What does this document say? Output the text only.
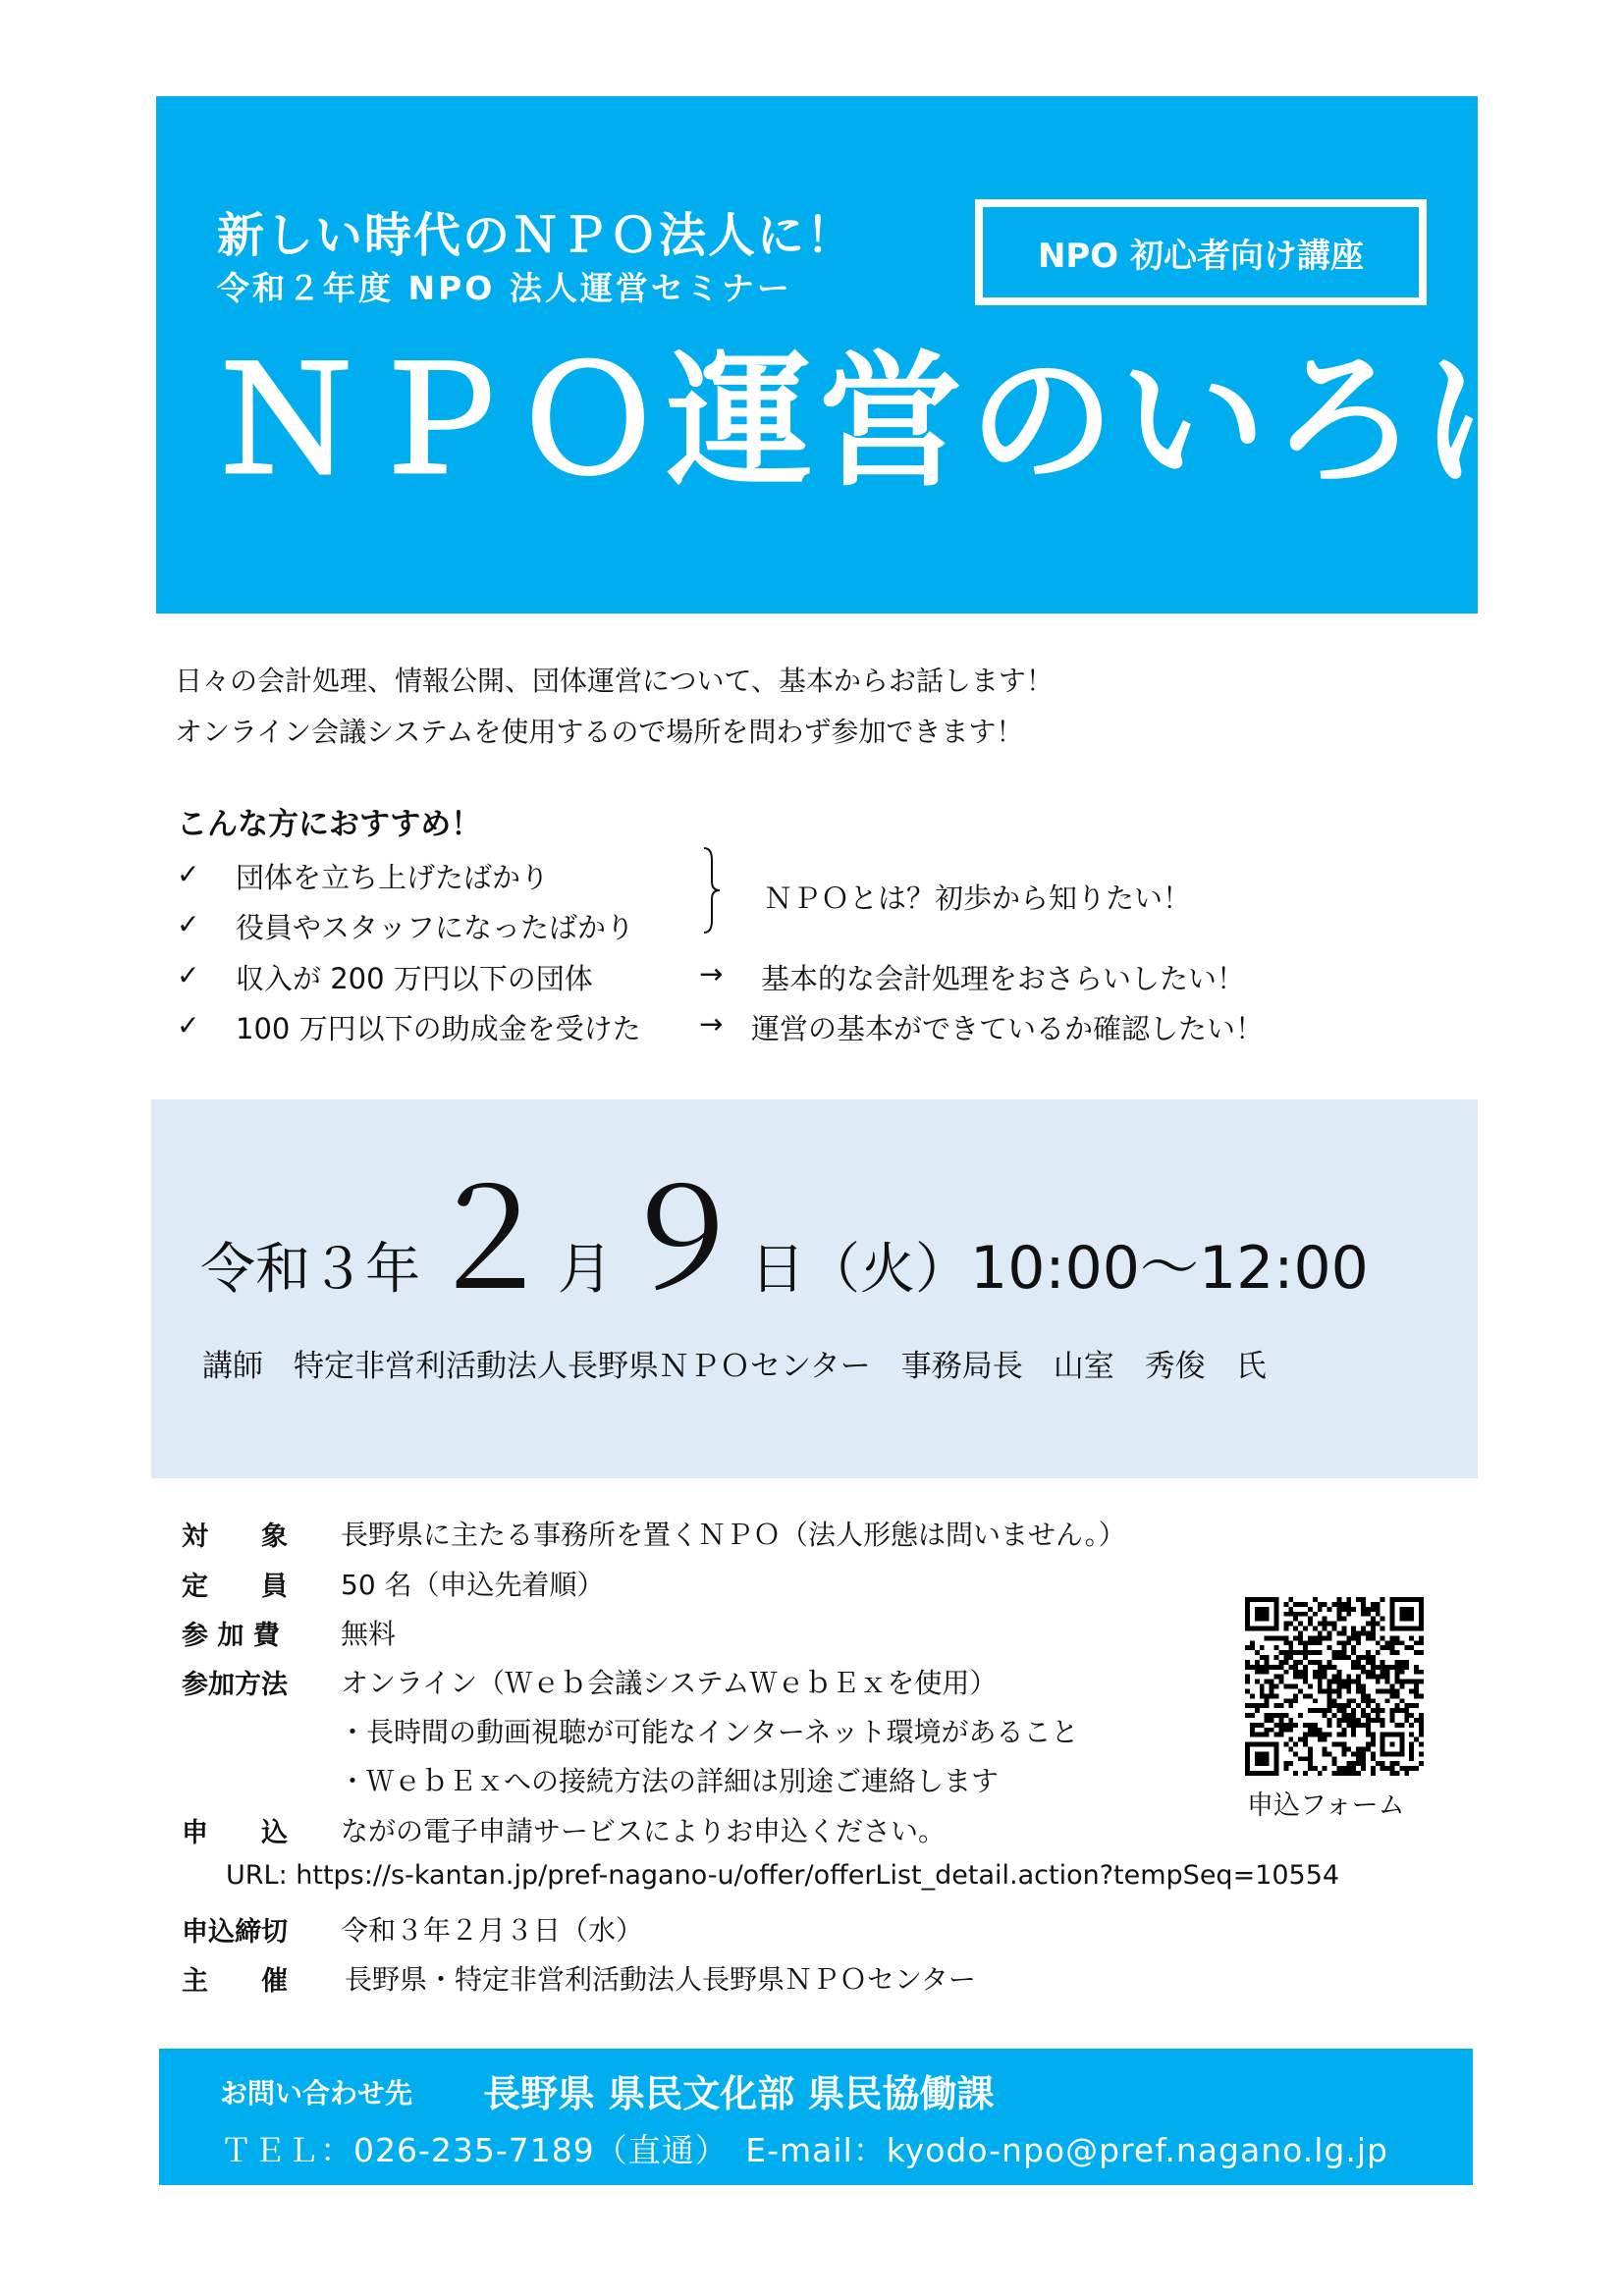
新しい時代のＮＰＯ法人に！
令和２年度 NPO 法人運営セミナー
NPO 初心者向け講座
ＮＰＯ運営のいろは
日々の会計処理、情報公開、団体運営について、基本からお話します！
オンライン会議システムを使用するので場所を問わず参加できます！
こんな方におすすめ！
✓ 団体を立ち上げたばかり
✓ 役員やスタッフになったばかり
ＮＰＯとは？初歩から知りたい！
✓ 収入が 200 万円以下の団体	→ 基本的な会計処理をおさらいしたい！
✓ 100 万円以下の助成金を受けた → 運営の基本ができているか確認したい！
令和３年２月９日（火）10:00～12:00
講師　特定非営利活動法人長野県ＮＰＯセンター　事務局長　山室　秀俊　氏
対　　象 長野県に主たる事務所を置くＮＰＯ（法人形態は問いません。）
定　　員 50 名（申込先着順）
参 加 費 無料
参加方法 オンライン（Ｗｅｂ会議システムＷｅｂＥｘを使用）
・長時間の動画視聴が可能なインターネット環境があること
・ＷｅｂＥｘへの接続方法の詳細は別途ご連絡します
申　　込 ながの電子申請サービスによりお申込ください。
URL: https://s-kantan.jp/pref-nagano-u/offer/offerList_detail.action?tempSeq=10554
申込締切 令和３年２月３日（水）
主　　催 長野県・特定非営利活動法人長野県ＮＰＯセンター
申込フォーム
お問い合わせ先 長野県 県民文化部 県民協働課
ＴＥＬ：026-235-7189（直通）　E-mail：kyodo-npo@pref.nagano.lg.jp
